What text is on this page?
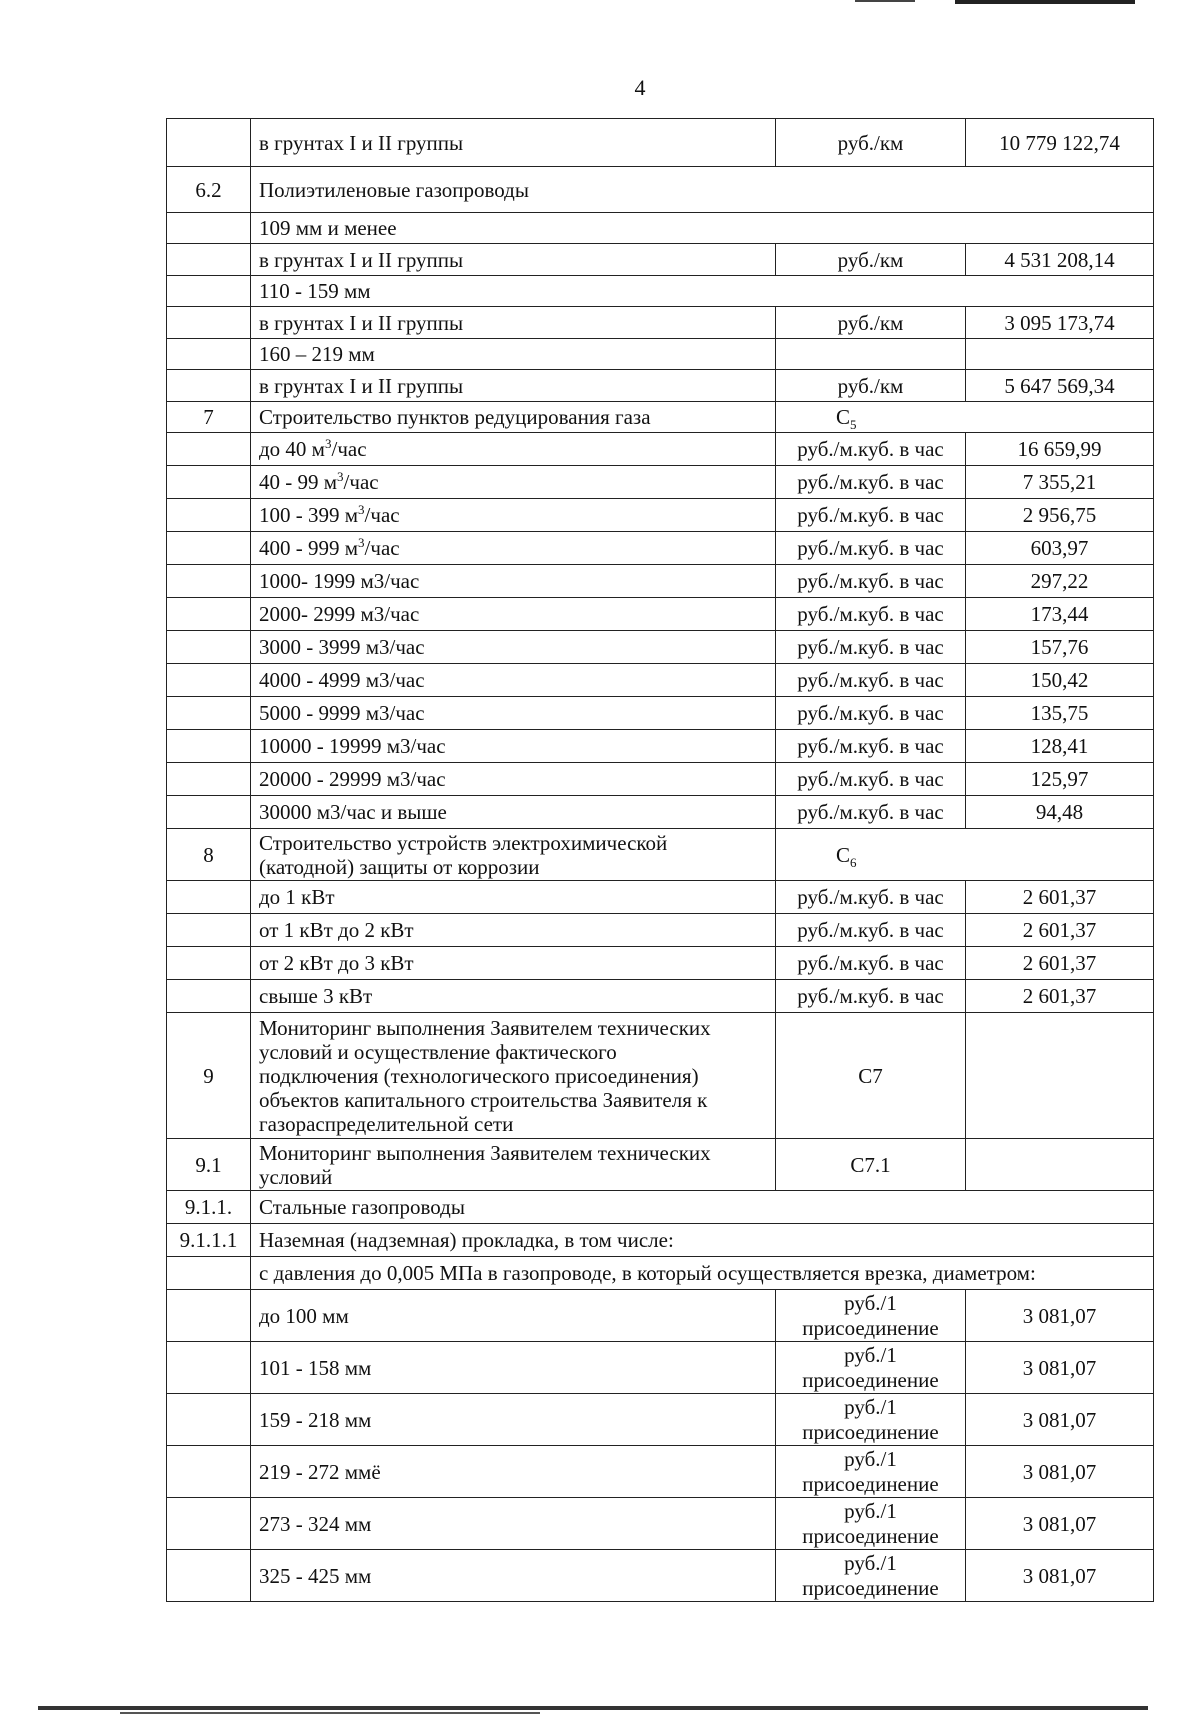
4
	в грунтах I и II группы	руб./км	10 779 122,74
6.2	Полиэтиленовые газопроводы		
	109 мм и менее		
	в грунтах I и II группы	руб./км	4 531 208,14
	110 - 159 мм		
	в грунтах I и II группы	руб./км	3 095 173,74
	160 – 219 мм		
	в грунтах I и II группы	руб./км	5 647 569,34
7	Строительство пунктов редуцирования газа	$C_5$
	до 40 $м^3$/час	руб./м.куб. в час	16 659,99
	40 - 99 $м^3$/час	руб./м.куб. в час	7 355,21
	100 - 399 $м^3$/час	руб./м.куб. в час	2 956,75
	400 - 999 $м^3$/час	руб./м.куб. в час	603,97
	1000- 1999 м3/час	руб./м.куб. в час	297,22
	2000- 2999 м3/час	руб./м.куб. в час	173,44
	3000 - 3999 м3/час	руб./м.куб. в час	157,76
	4000 - 4999 м3/час	руб./м.куб. в час	150,42
	5000 - 9999 м3/час	руб./м.куб. в час	135,75
	10000 - 19999 м3/час	руб./м.куб. в час	128,41
	20000 - 29999 м3/час	руб./м.куб. в час	125,97
	30000 м3/час и выше	руб./м.куб. в час	94,48
8	Строительство устройств электрохимической
(катодной) защиты от коррозии	$C_6$
	до 1 кВт	руб./м.куб. в час	2 601,37
	от 1 кВт до 2 кВт	руб./м.куб. в час	2 601,37
	от 2 кВт до 3 кВт	руб./м.куб. в час	2 601,37
	свыше 3 кВт	руб./м.куб. в час	2 601,37
9	Мониторинг выполнения Заявителем технических
условий и осуществление фактического
подключения (технологического присоединения)
объектов капитального строительства Заявителя к
газораспределительной сети	С7	
9.1	Мониторинг выполнения Заявителем технических
условий	С7.1	
9.1.1.	Стальные газопроводы		
9.1.1.1	Наземная (надземная) прокладка, в том числе:		
	с давления до 0,005 МПа в газопроводе, в который осуществляется врезка, диаметром:		
	до 100 мм	руб./1
присоединение	3 081,07
	101 - 158 мм	руб./1
присоединение	3 081,07
	159 - 218 мм	руб./1
присоединение	3 081,07
	219 - 272 ммё	руб./1
присоединение	3 081,07
	273 - 324 мм	руб./1
присоединение	3 081,07
	325 - 425 мм	руб./1
присоединение	3 081,07
